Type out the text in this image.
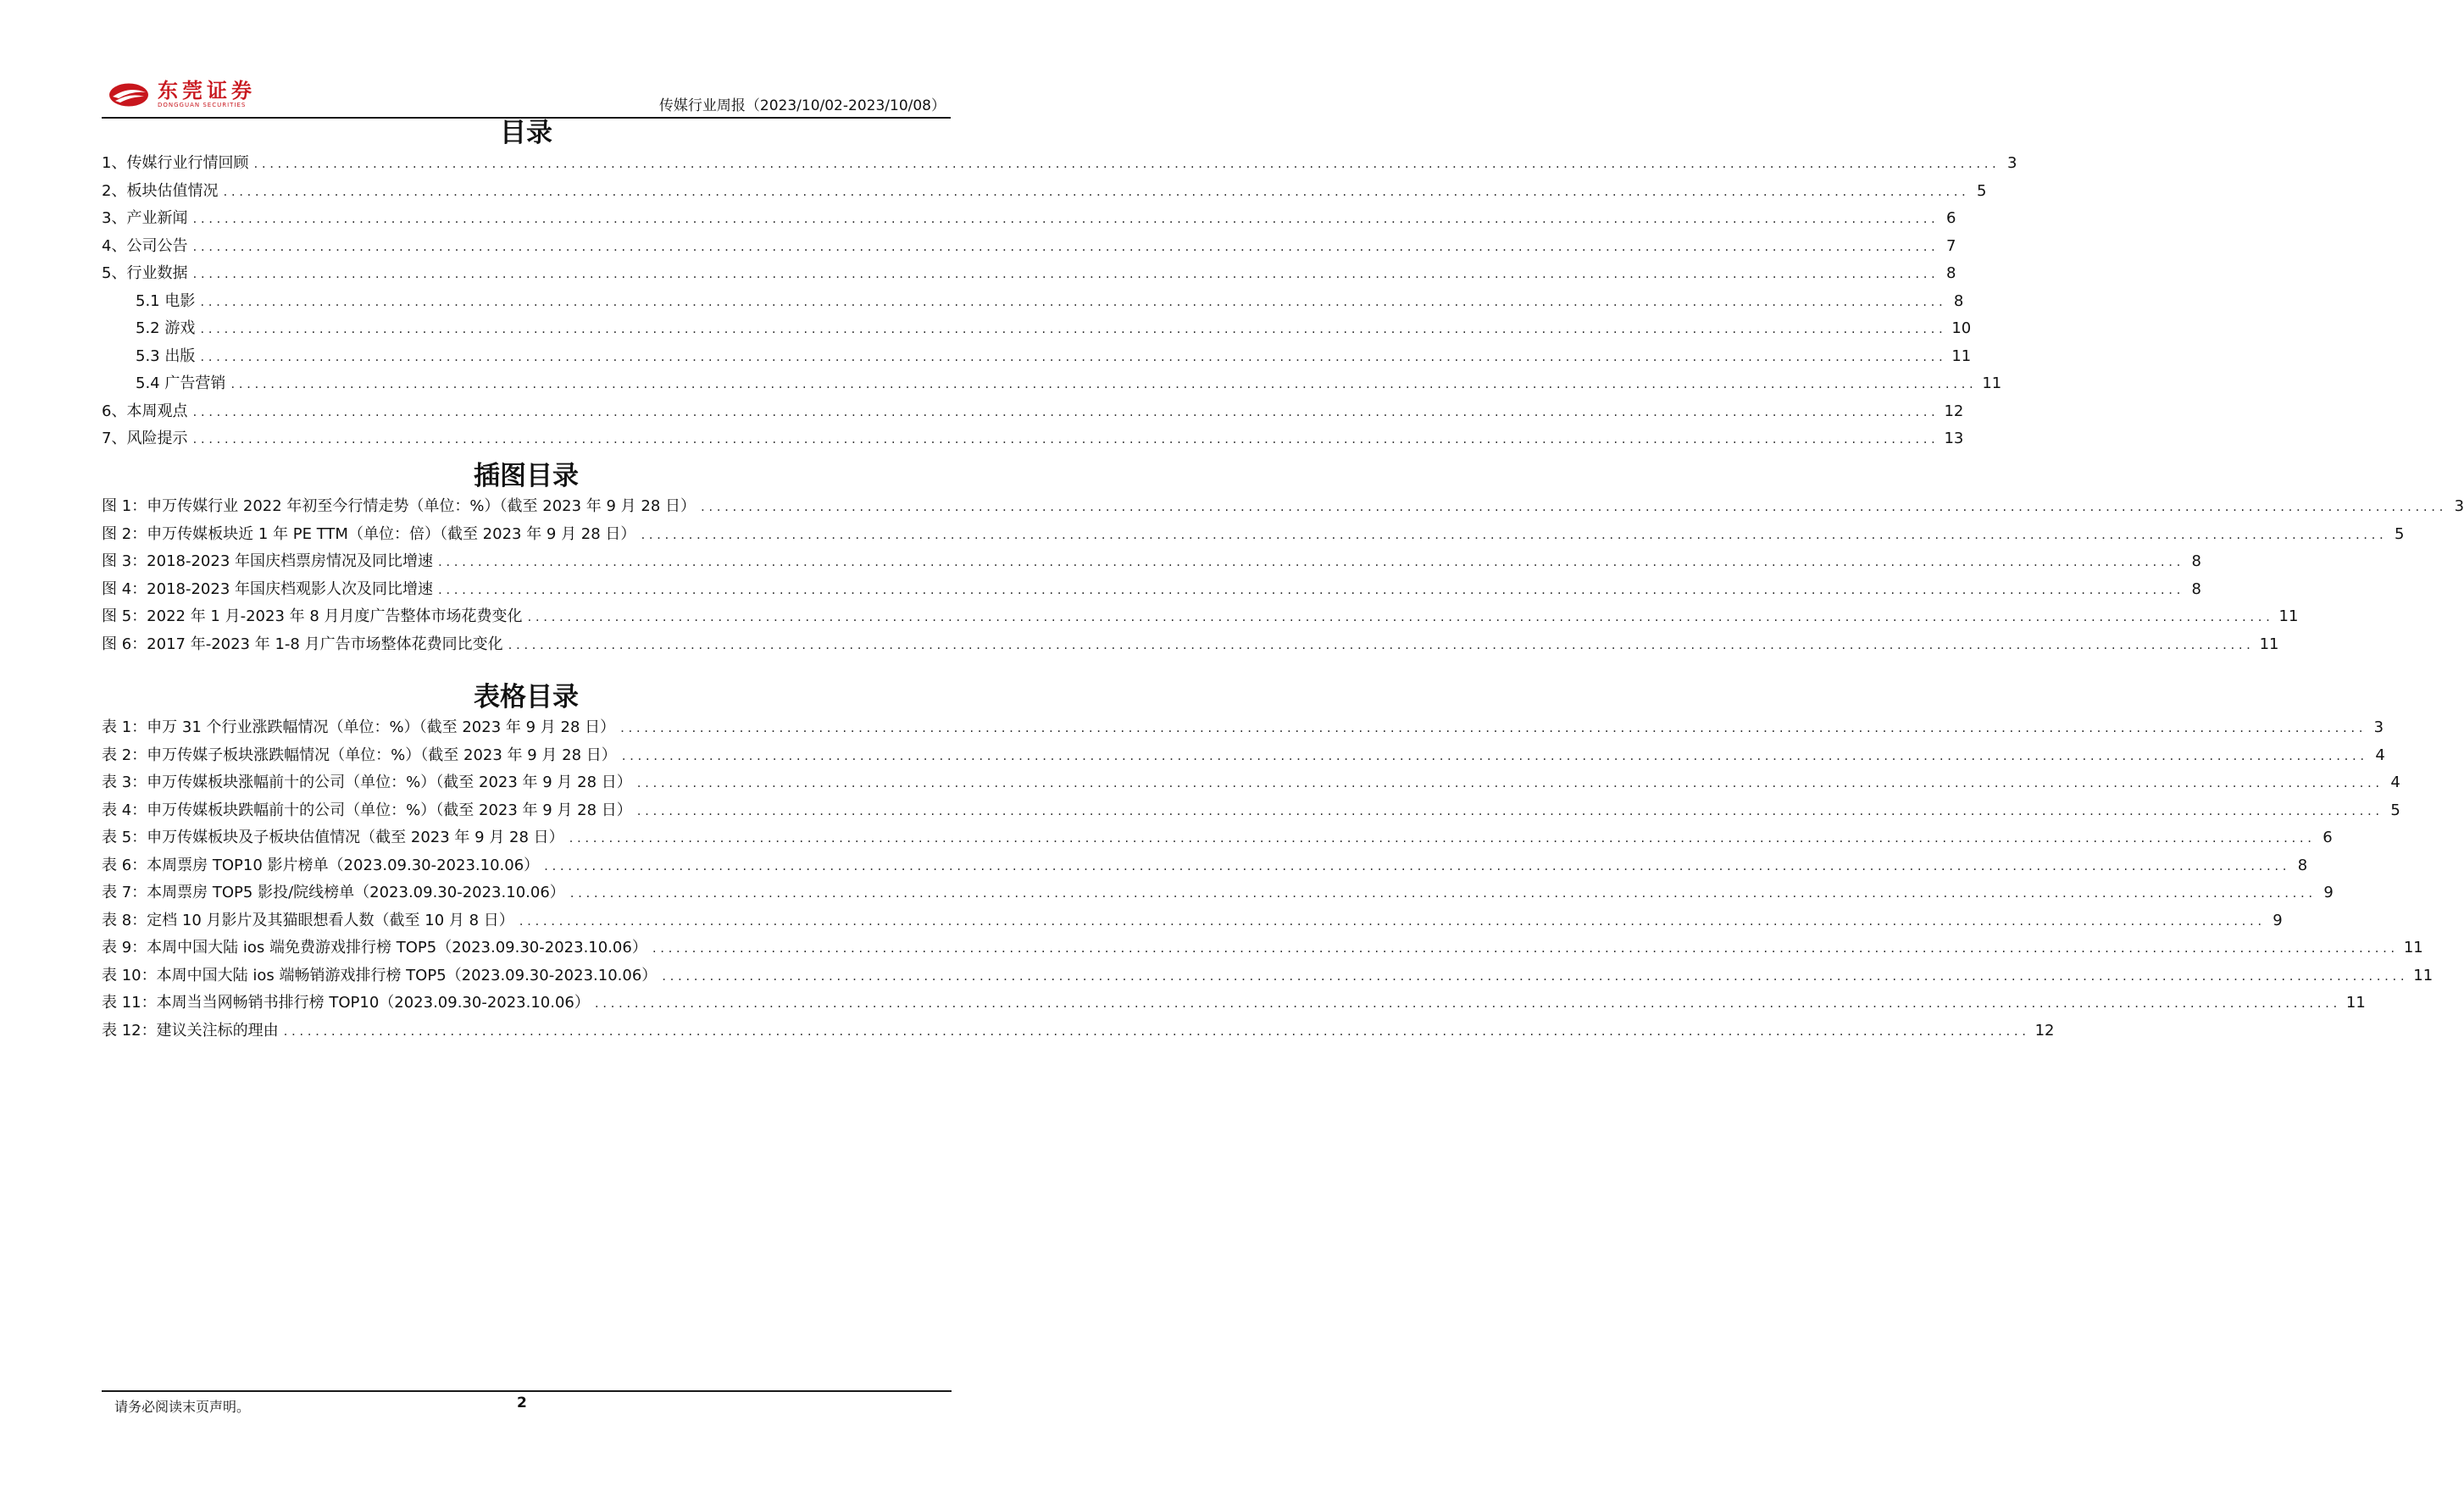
东莞证券
DONGGUAN SECURITIES	传媒行业周报（2023/10/02-2023/10/08）
目录
1、传媒行业行情回顾 ............................................................................................................................................................................................................................ 3
2、板块估值情况 ............................................................................................................................................................................................................................ 5
3、产业新闻 ............................................................................................................................................................................................................................ 6
4、公司公告 ............................................................................................................................................................................................................................ 7
5、行业数据 ............................................................................................................................................................................................................................ 8
5.1 电影 ............................................................................................................................................................................................................................ 8
5.2 游戏 ............................................................................................................................................................................................................................ 10
5.3 出版 ............................................................................................................................................................................................................................ 11
5.4 广告营销 ............................................................................................................................................................................................................................ 11
6、本周观点 ............................................................................................................................................................................................................................ 12
7、风险提示 ............................................................................................................................................................................................................................ 13
插图目录
图 1：申万传媒行业 2022 年初至今行情走势（单位：%）（截至 2023 年 9 月 28 日） ............................................................................................................................................................................................................................ 3
图 2：申万传媒板块近 1 年 PE TTM（单位：倍）（截至 2023 年 9 月 28 日） ............................................................................................................................................................................................................................ 5
图 3：2018-2023 年国庆档票房情况及同比增速 ............................................................................................................................................................................................................................ 8
图 4：2018-2023 年国庆档观影人次及同比增速 ............................................................................................................................................................................................................................ 8
图 5：2022 年 1 月-2023 年 8 月月度广告整体市场花费变化 ............................................................................................................................................................................................................................ 11
图 6：2017 年-2023 年 1-8 月广告市场整体花费同比变化 ............................................................................................................................................................................................................................ 11
表格目录
表 1：申万 31 个行业涨跌幅情况（单位：%）（截至 2023 年 9 月 28 日） ............................................................................................................................................................................................................................ 3
表 2：申万传媒子板块涨跌幅情况（单位：%）（截至 2023 年 9 月 28 日） ............................................................................................................................................................................................................................ 4
表 3：申万传媒板块涨幅前十的公司（单位：%）（截至 2023 年 9 月 28 日） ............................................................................................................................................................................................................................ 4
表 4：申万传媒板块跌幅前十的公司（单位：%）（截至 2023 年 9 月 28 日） ............................................................................................................................................................................................................................ 5
表 5：申万传媒板块及子板块估值情况（截至 2023 年 9 月 28 日） ............................................................................................................................................................................................................................ 6
表 6：本周票房 TOP10 影片榜单（2023.09.30-2023.10.06） ............................................................................................................................................................................................................................ 8
表 7：本周票房 TOP5 影投/院线榜单（2023.09.30-2023.10.06） ............................................................................................................................................................................................................................ 9
表 8：定档 10 月影片及其猫眼想看人数（截至 10 月 8 日） ............................................................................................................................................................................................................................ 9
表 9：本周中国大陆 ios 端免费游戏排行榜 TOP5（2023.09.30-2023.10.06） ............................................................................................................................................................................................................................ 11
表 10：本周中国大陆 ios 端畅销游戏排行榜 TOP5（2023.09.30-2023.10.06） ............................................................................................................................................................................................................................ 11
表 11：本周当当网畅销书排行榜 TOP10（2023.09.30-2023.10.06） ............................................................................................................................................................................................................................ 11
表 12：建议关注标的理由 ............................................................................................................................................................................................................................ 12
请务必阅读末页声明。	2
